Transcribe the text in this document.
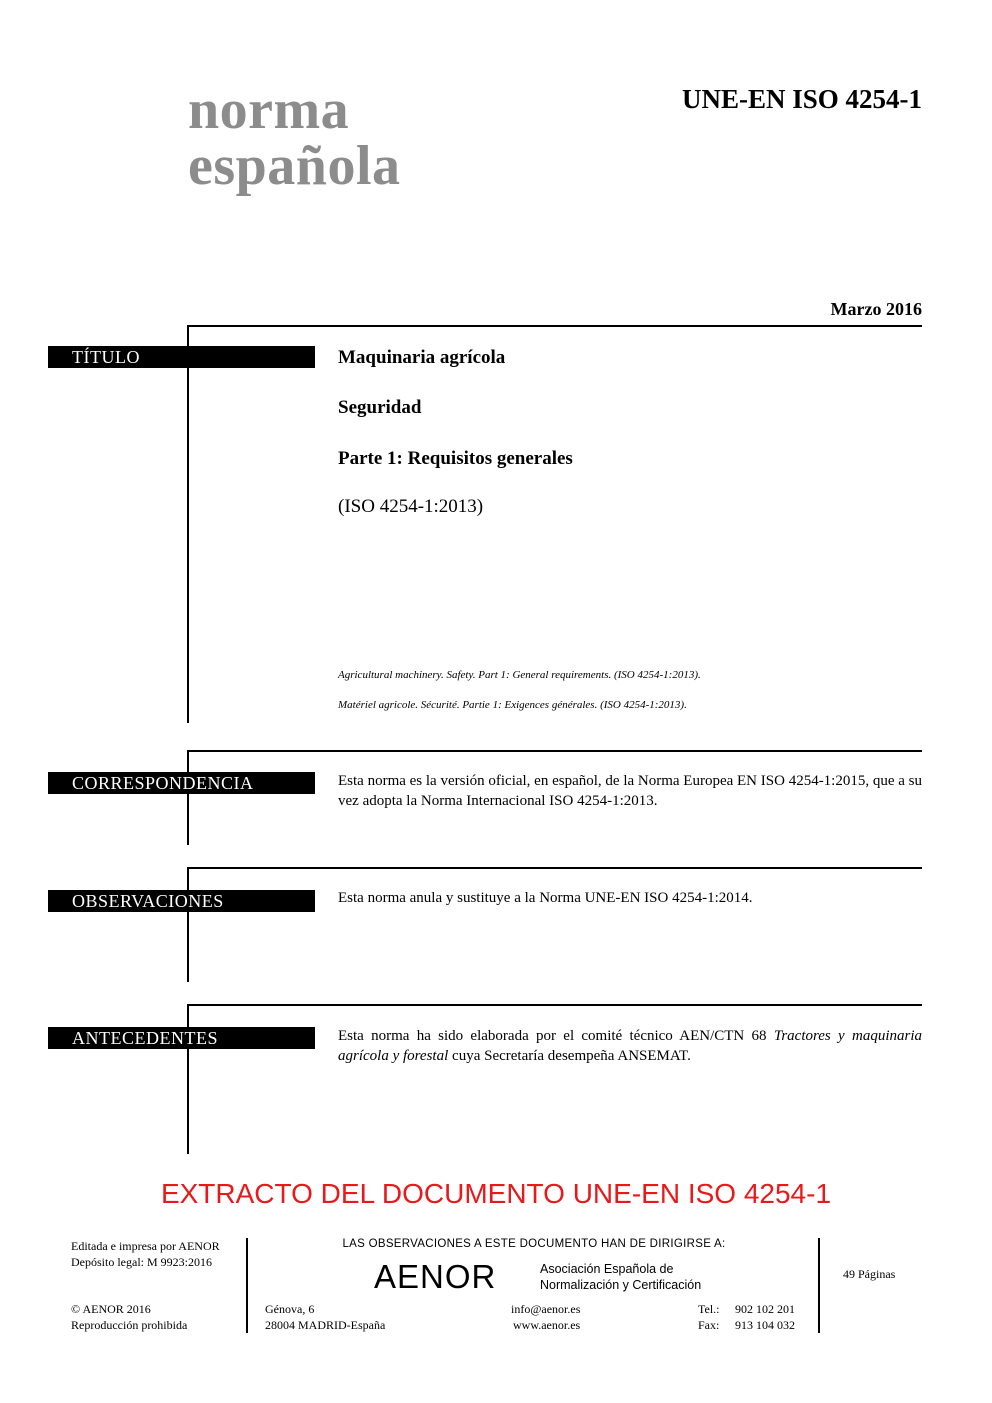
norma
española
UNE-EN ISO 4254-1
Marzo 2016
TÍTULO	Maquinaria agrícola
Seguridad
Parte 1: Requisitos generales
(ISO 4254-1:2013)
Agricultural machinery. Safety. Part 1: General requirements. (ISO 4254-1:2013).
Matériel agricole. Sécurité. Partie 1: Exigences générales. (ISO 4254-1:2013).
CORRESPONDENCIA	Esta norma es la versión oficial, en español, de la Norma Europea EN ISO 4254-1:2015, que a su vez adopta la Norma Internacional ISO 4254-1:2013.
OBSERVACIONES	Esta norma anula y sustituye a la Norma UNE-EN ISO 4254-1:2014.
ANTECEDENTES	Esta norma ha sido elaborada por el comité técnico AEN/CTN 68 Tractores y maquinaria agrícola y forestal cuya Secretaría desempeña ANSEMAT.
EXTRACTO DEL DOCUMENTO UNE-EN ISO 4254-1
Editada e impresa por AENOR
Depósito legal: M 9923:2016
© AENOR 2016
Reproducción prohibida
LAS OBSERVACIONES A ESTE DOCUMENTO HAN DE DIRIGIRSE A:
AENOR	Asociación Española de
Normalización y Certificación
Génova, 6
28004 MADRID-España
info@aenor.es
www.aenor.es
Tel.: 902 102 201
Fax: 913 104 032
49 Páginas
